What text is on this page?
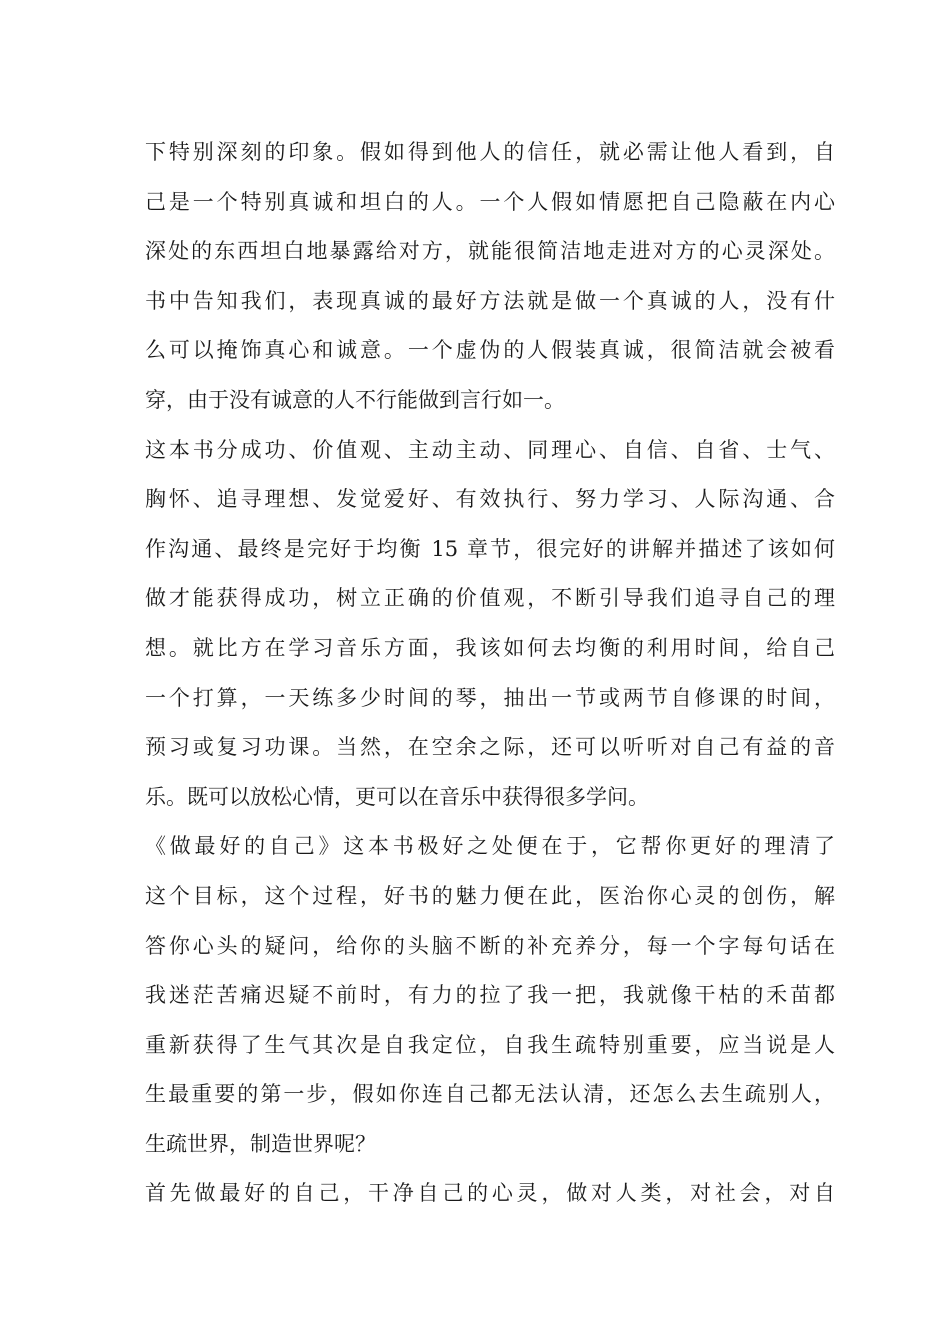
下特别深刻的印象。假如得到他人的信任，就必需让他人看到，自
己是一个特别真诚和坦白的人。一个人假如情愿把自己隐蔽在内心
深处的东西坦白地暴露给对方，就能很简洁地走进对方的心灵深处。
书中告知我们，表现真诚的最好方法就是做一个真诚的人，没有什
么可以掩饰真心和诚意。一个虚伪的人假装真诚，很简洁就会被看
穿，由于没有诚意的人不行能做到言行如一。
这本书分成功、价值观、主动主动、同理心、自信、自省、士气、
胸怀、追寻理想、发觉爱好、有效执行、努力学习、人际沟通、合
作沟通、最终是完好于均衡 15 章节，很完好的讲解并描述了该如何
做才能获得成功，树立正确的价值观，不断引导我们追寻自己的理
想。就比方在学习音乐方面，我该如何去均衡的利用时间，给自己
一个打算，一天练多少时间的琴，抽出一节或两节自修课的时间，
预习或复习功课。当然，在空余之际，还可以听听对自己有益的音
乐。既可以放松心情，更可以在音乐中获得很多学问。
《做最好的自己》这本书极好之处便在于，它帮你更好的理清了
这个目标，这个过程，好书的魅力便在此，医治你心灵的创伤，解
答你心头的疑问，给你的头脑不断的补充养分，每一个字每句话在
我迷茫苦痛迟疑不前时，有力的拉了我一把，我就像干枯的禾苗都
重新获得了生气其次是自我定位，自我生疏特别重要，应当说是人
生最重要的第一步，假如你连自己都无法认清，还怎么去生疏别人，
生疏世界，制造世界呢？
首先做最好的自己，干净自己的心灵，做对人类，对社会，对自
